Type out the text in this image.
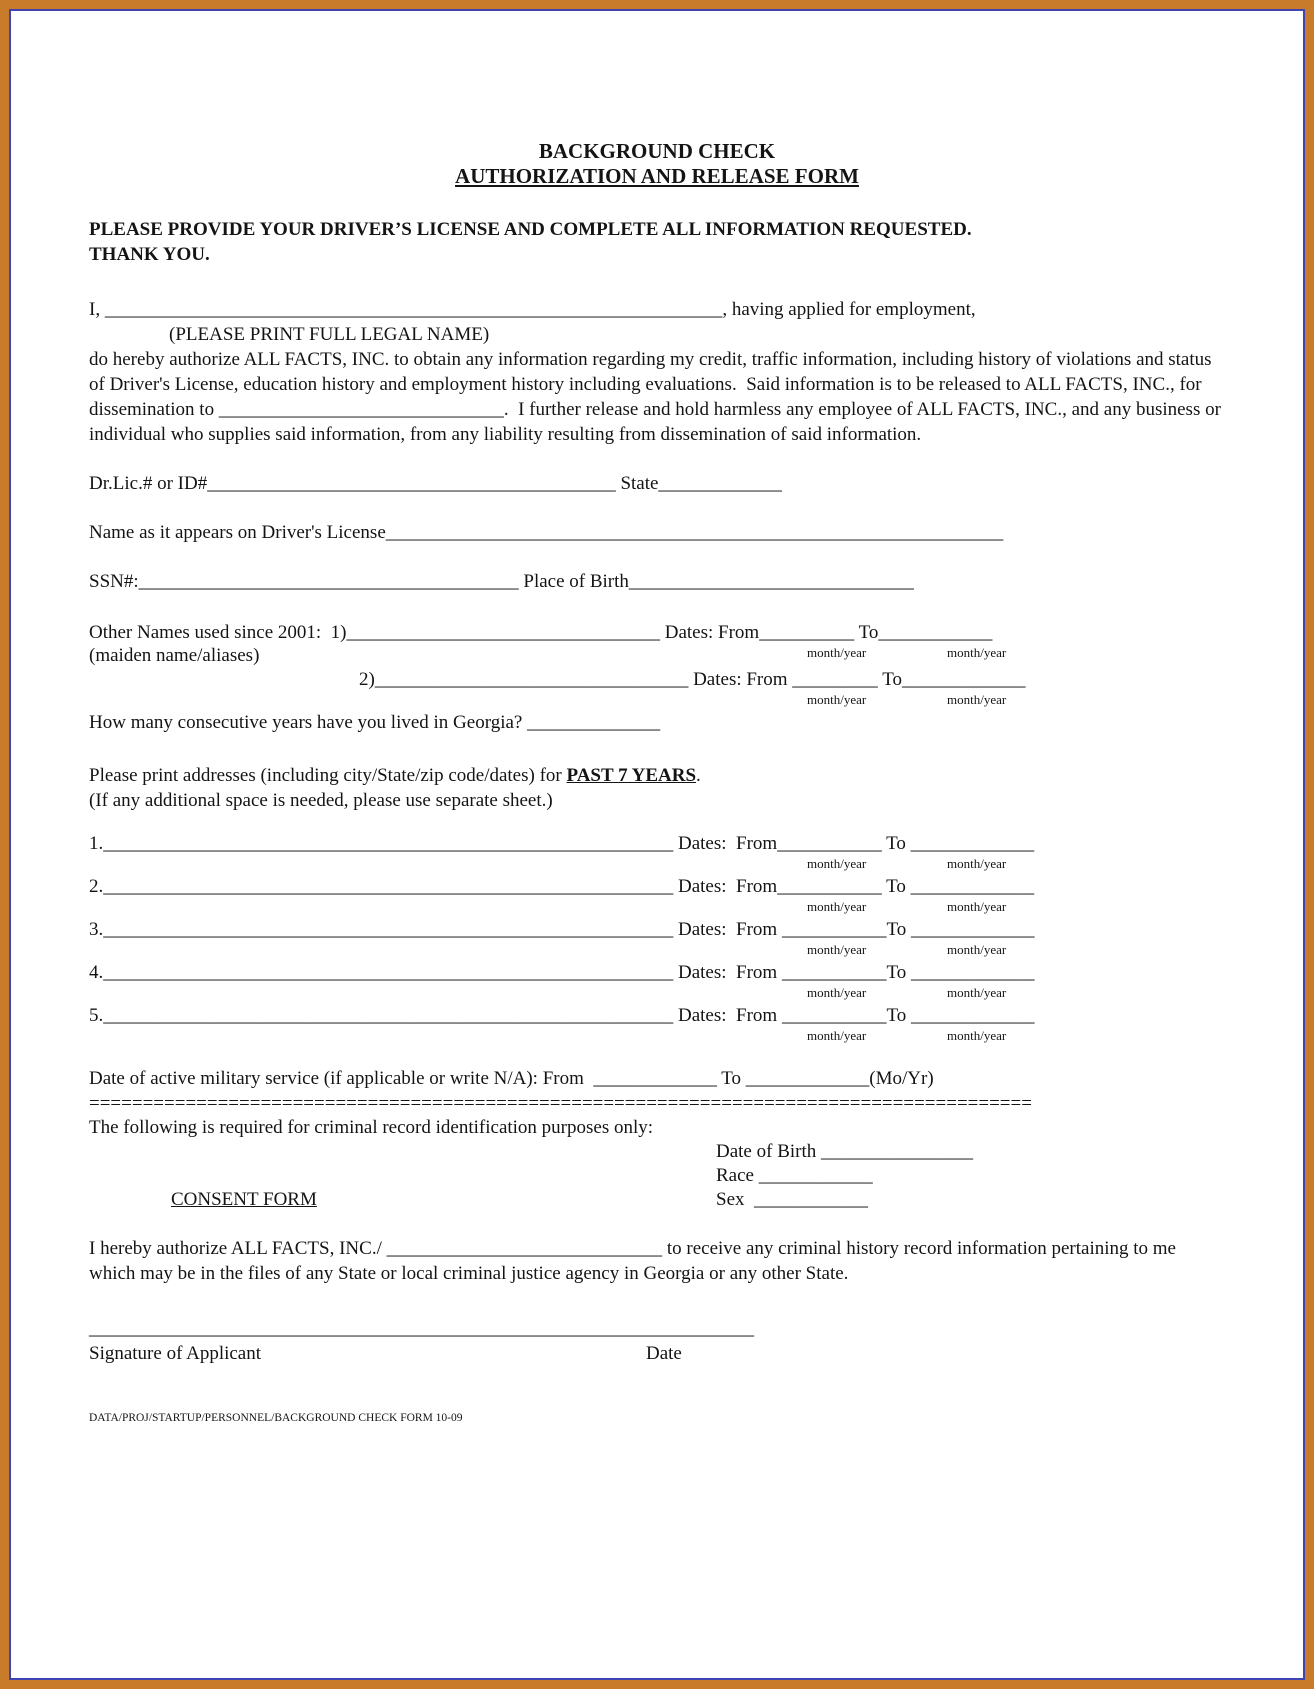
BACKGROUND CHECK
AUTHORIZATION AND RELEASE FORM
PLEASE PROVIDE YOUR DRIVER’S LICENSE AND COMPLETE ALL INFORMATION REQUESTED.
THANK YOU.

I, _________________________________________________________________, having applied for employment,

(PLEASE PRINT FULL LEGAL NAME)

do hereby authorize ALL FACTS, INC. to obtain any information regarding my credit, traffic information, including history of violations and status of Driver's License, education history and employment history including evaluations.  Said information is to be released to ALL FACTS, INC., for dissemination to ______________________________.  I further release and hold harmless any employee of ALL FACTS, INC., and any business or individual who supplies said information, from any liability resulting from dissemination of said information.

Dr.Lic.# or ID#___________________________________________ State_____________

Name as it appears on Driver's License_________________________________________________________________

SSN#:________________________________________ Place of Birth______________________________

Other Names used since 2001:  1)_________________________________ Dates: From__________ To____________

(maiden name/aliases)	month/year	month/year

2)_________________________________ Dates: From _________ To_____________

month/year	month/year

How many consecutive years have you lived in Georgia? ______________

Please print addresses (including city/State/zip code/dates) for PAST 7 YEARS.

(If any additional space is needed, please use separate sheet.)

1.____________________________________________________________ Dates:  From___________ To _____________
month/year	month/year
2.____________________________________________________________ Dates:  From___________ To _____________
month/year	month/year
3.____________________________________________________________ Dates:  From ___________To _____________
month/year	month/year
4.____________________________________________________________ Dates:  From ___________To _____________
month/year	month/year
5.____________________________________________________________ Dates:  From ___________To _____________
month/year	month/year

Date of active military service (if applicable or write N/A): From  _____________ To _____________(Mo/Yr)

========================================================================================

The following is required for criminal record identification purposes only:

Date of Birth ________________

Race ____________

CONSENT FORM	Sex  ____________

I hereby authorize ALL FACTS, INC./ _____________________________ to receive any criminal history record information pertaining to me which may be in the files of any State or local criminal justice agency in Georgia or any other State.

______________________________________________________________________

Signature of Applicant	Date

DATA/PROJ/STARTUP/PERSONNEL/BACKGROUND CHECK FORM 10-09
